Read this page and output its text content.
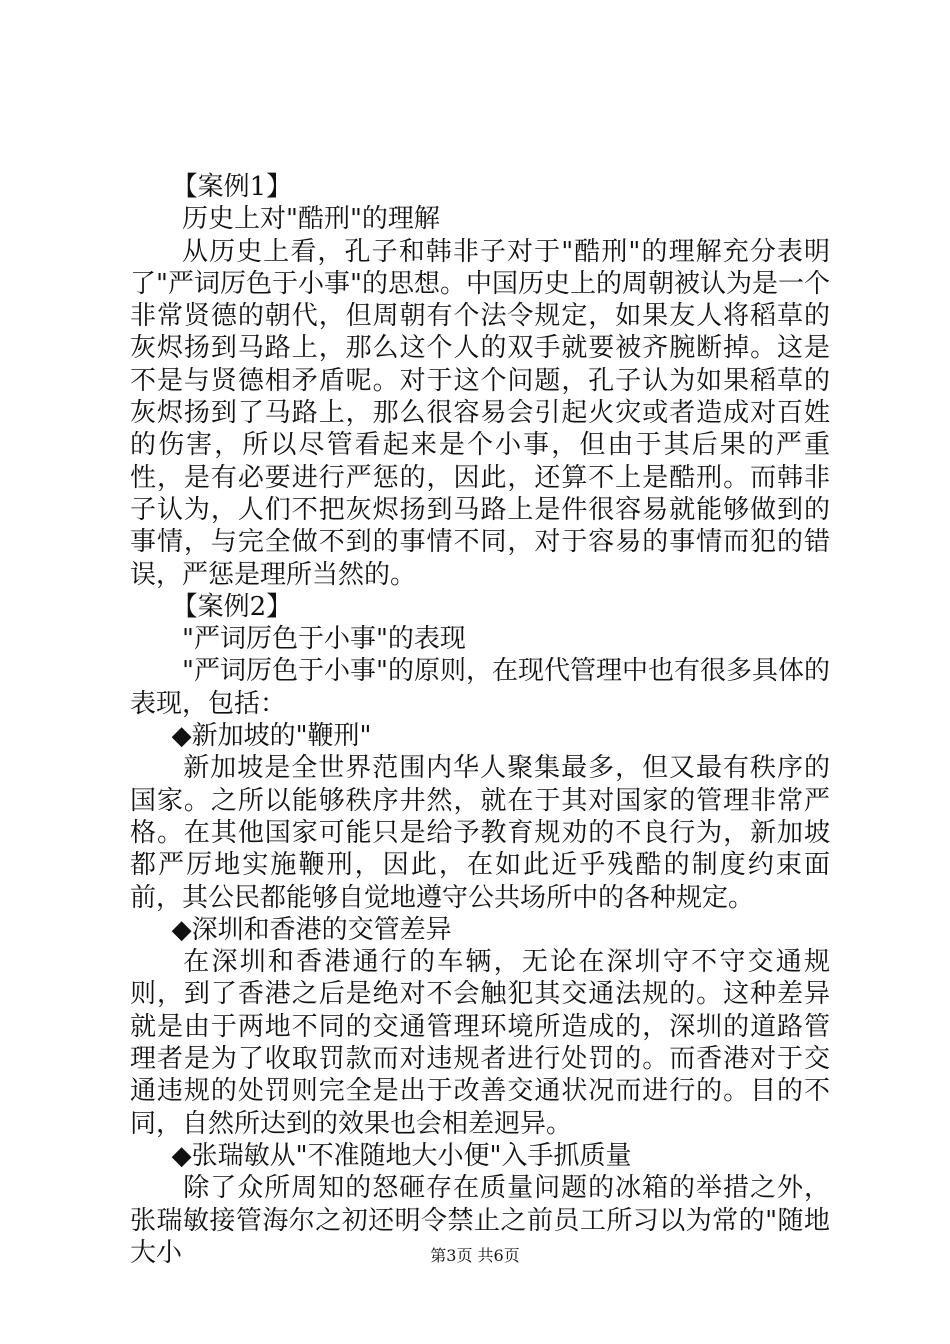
【案例1】

历史上对"酷刑"的理解

从历史上看，孔子和韩非子对于"酷刑"的理解充分表明了"严词厉色于小事"的思想。中国历史上的周朝被认为是一个非常贤德的朝代，但周朝有个法令规定，如果友人将稻草的灰烬扬到马路上，那么这个人的双手就要被齐腕断掉。这是不是与贤德相矛盾呢。对于这个问题，孔子认为如果稻草的灰烬扬到了马路上，那么很容易会引起火灾或者造成对百姓的伤害，所以尽管看起来是个小事，但由于其后果的严重性，是有必要进行严惩的，因此，还算不上是酷刑。而韩非子认为，人们不把灰烬扬到马路上是件很容易就能够做到的事情，与完全做不到的事情不同，对于容易的事情而犯的错误，严惩是理所当然的。

【案例2】

"严词厉色于小事"的表现

"严词厉色于小事"的原则，在现代管理中也有很多具体的表现，包括：

◆新加坡的"鞭刑"

新加坡是全世界范围内华人聚集最多，但又最有秩序的国家。之所以能够秩序井然，就在于其对国家的管理非常严格。在其他国家可能只是给予教育规劝的不良行为，新加坡都严厉地实施鞭刑，因此，在如此近乎残酷的制度约束面前，其公民都能够自觉地遵守公共场所中的各种规定。

◆深圳和香港的交管差异

在深圳和香港通行的车辆，无论在深圳守不守交通规则，到了香港之后是绝对不会触犯其交通法规的。这种差异就是由于两地不同的交通管理环境所造成的，深圳的道路管理者是为了收取罚款而对违规者进行处罚的。而香港对于交通违规的处罚则完全是出于改善交通状况而进行的。目的不同，自然所达到的效果也会相差迥异。

◆张瑞敏从"不准随地大小便"入手抓质量

除了众所周知的怒砸存在质量问题的冰箱的举措之外，张瑞敏接管海尔之初还明令禁止之前员工所习以为常的"随地大小	第3页 共6页
